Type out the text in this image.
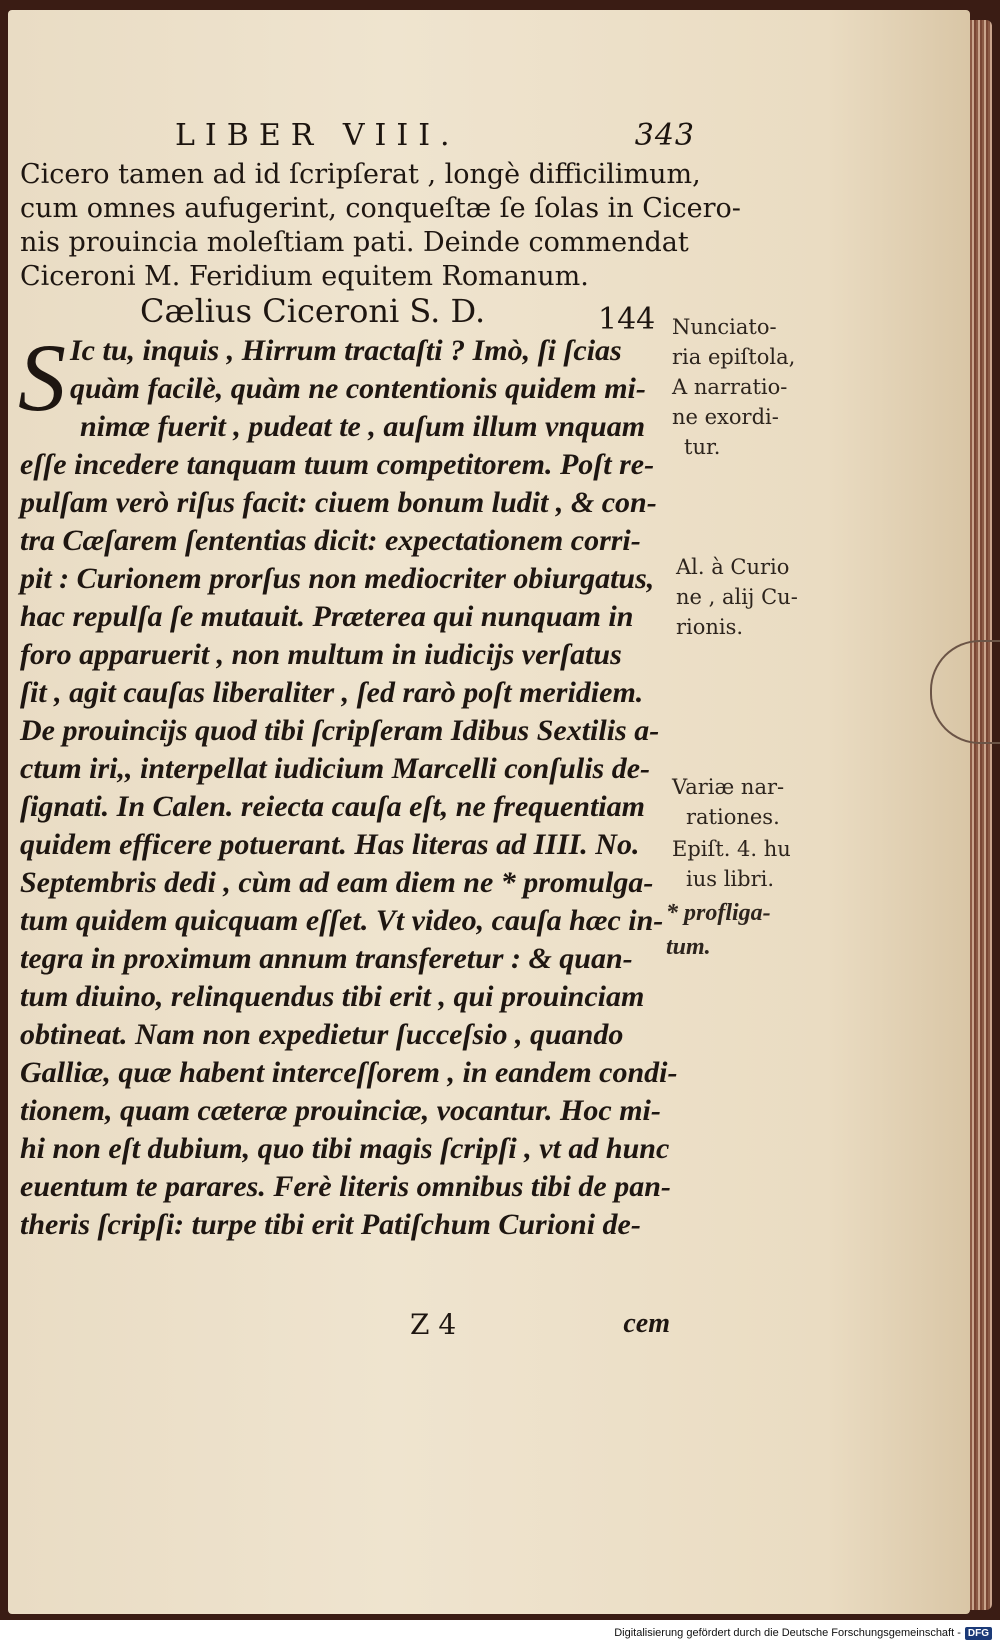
LIBER VIII.	343
Cicero tamen ad id ſcripſerat , longè difficilimum,
cum omnes aufugerint, conqueſtæ ſe ſolas in Cicero-
nis prouincia moleſtiam pati. Deinde commendat
Ciceroni M. Feridium equitem Romanum.
Cælius Ciceroni S. D.	144
S Ic tu, inquis , Hirrum tractaſti ? Imò, ſi ſcias
quàm facilè, quàm ne contentionis quidem mi-
nimæ fuerit , pudeat te , auſum illum vnquam
eſſe incedere tanquam tuum competitorem. Poſt re-
pulſam verò riſus facit: ciuem bonum ludit , & con-
tra Cæſarem ſententias dicit: expectationem corri-
pit : Curionem prorſus non mediocriter obiurgatus,
hac repulſa ſe mutauit. Præterea qui nunquam in
foro apparuerit , non multum in iudicijs verſatus
ſit , agit cauſas liberaliter , ſed rarò poſt meridiem.
De prouincijs quod tibi ſcripſeram Idibus Sextilis a-
ctum iri,, interpellat iudicium Marcelli conſulis de-
ſignati. In Calen. reiecta cauſa eſt, ne frequentiam
quidem efficere potuerant. Has literas ad IIII. No.
Septembris dedi , cùm ad eam diem ne * promulga-
tum quidem quicquam eſſet. Vt video, cauſa hæc in-
tegra in proximum annum transferetur : & quan-
tum diuino, relinquendus tibi erit , qui prouinciam
obtineat. Nam non expedietur ſucceſsio , quando
Galliæ, quæ habent interceſſorem , in eandem condi-
tionem, quam cæteræ prouinciæ, vocantur. Hoc mi-
hi non eſt dubium, quo tibi magis ſcripſi , vt ad hunc
euentum te parares. Ferè literis omnibus tibi de pan-
theris ſcripſi: turpe tibi erit Patiſchum Curioni de-
Nunciato-
ria epiſtola,
A narratio-
ne exordi-
tur.
Al. à Curio
ne , alij Cu-
rionis.
Variæ nar-
rationes.
Epiſt. 4. hu
ius libri.
* profliga-
tum.
Z 4	cem
Digitalisierung gefördert durch die Deutsche Forschungsgemeinschaft - DFG
